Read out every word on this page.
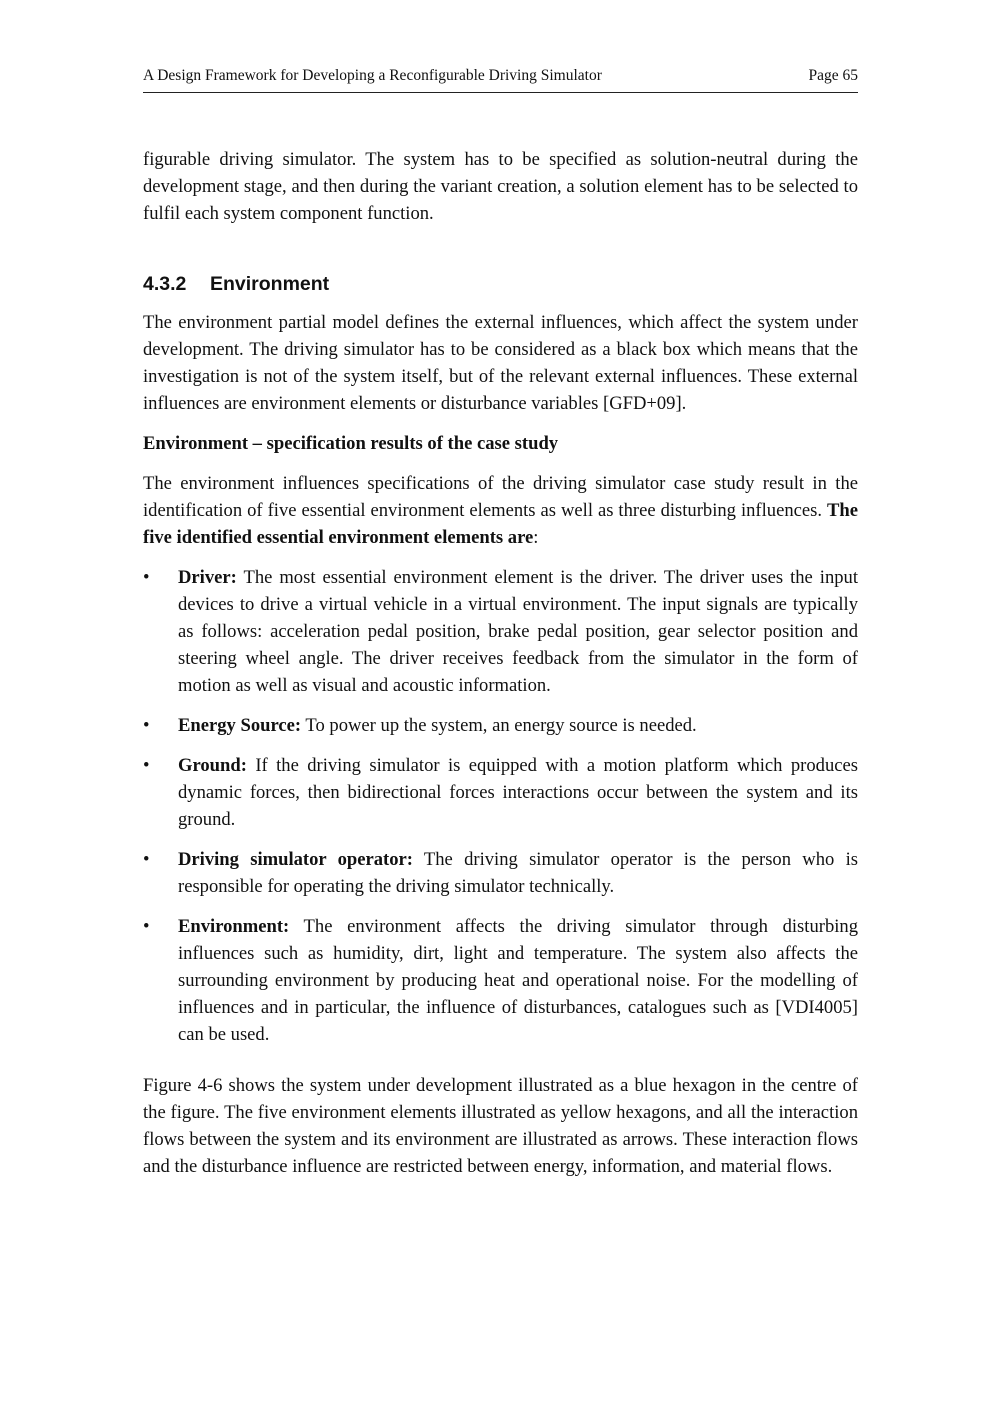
A Design Framework for Developing a Reconfigurable Driving Simulator	Page 65

figurable driving simulator. The system has to be specified as solution-neutral during the development stage, and then during the variant creation, a solution element has to be selected to fulfil each system component function.

4.3.2 Environment

The environment partial model defines the external influences, which affect the system under development. The driving simulator has to be considered as a black box which means that the investigation is not of the system itself, but of the relevant external influences. These external influences are environment elements or disturbance variables [GFD+09].

Environment – specification results of the case study

The environment influences specifications of the driving simulator case study result in the identification of five essential environment elements as well as three disturbing influences. The five identified essential environment elements are:

• Driver: The most essential environment element is the driver. The driver uses the input devices to drive a virtual vehicle in a virtual environment. The input signals are typically as follows: acceleration pedal position, brake pedal position, gear selector position and steering wheel angle. The driver receives feedback from the simulator in the form of motion as well as visual and acoustic information.
• Energy Source: To power up the system, an energy source is needed.
• Ground: If the driving simulator is equipped with a motion platform which produces dynamic forces, then bidirectional forces interactions occur between the system and its ground.
• Driving simulator operator: The driving simulator operator is the person who is responsible for operating the driving simulator technically.
• Environment: The environment affects the driving simulator through disturbing influences such as humidity, dirt, light and temperature. The system also affects the surrounding environment by producing heat and operational noise. For the modelling of influences and in particular, the influence of disturbances, catalogues such as [VDI4005] can be used.

Figure 4-6 shows the system under development illustrated as a blue hexagon in the centre of the figure. The five environment elements illustrated as yellow hexagons, and all the interaction flows between the system and its environment are illustrated as arrows. These interaction flows and the disturbance influence are restricted between energy, information, and material flows.
